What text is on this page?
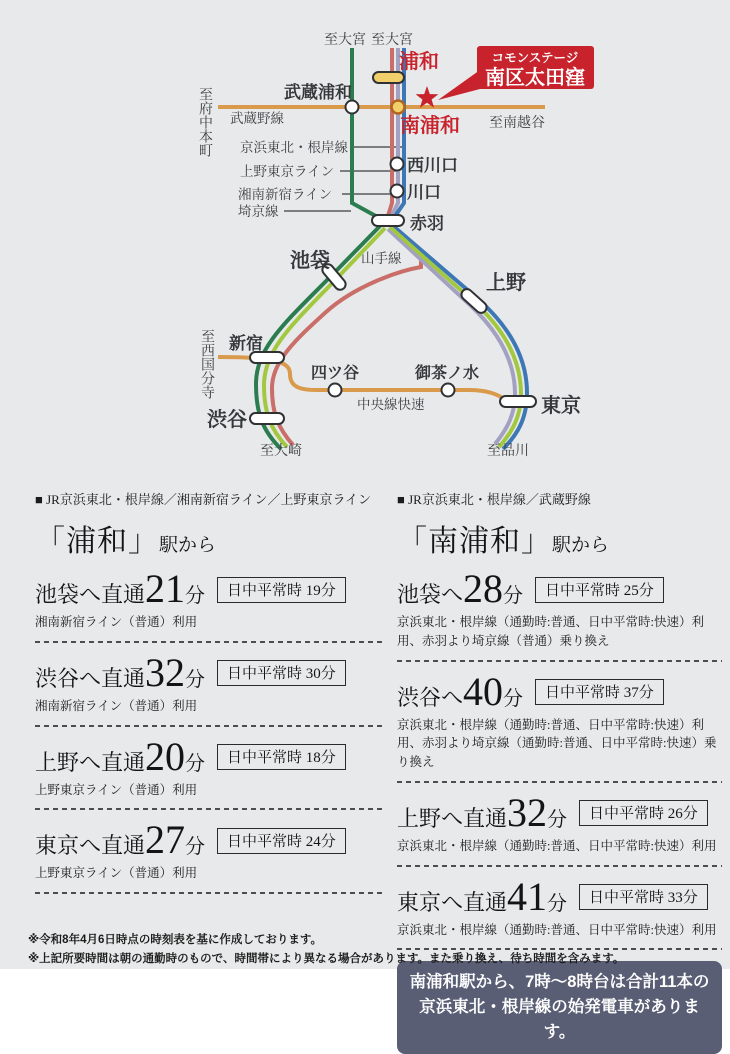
至大宮 至大宮
至府中本町 武蔵野線	至南越谷
至西国分寺
至大崎	至品川
山手線
中央線快速
京浜東北・根岸線
上野東京ライン
湘南新宿ライン
埼京線
浦和
武蔵浦和
南浦和
西川口
川口
赤羽
池袋
上野
新宿
渋谷
東京
四ツ谷	御茶ノ水
コモンステージ
南区太田窪
■ JR京浜東北・根岸線／湘南新宿ライン／上野東京ライン
「浦和」駅から
池袋へ直通 21 分	日中平常時 19分
湘南新宿ライン（普通）利用
渋谷へ直通 32 分	日中平常時 30分
湘南新宿ライン（普通）利用
上野へ直通 20 分	日中平常時 18分
上野東京ライン（普通）利用
東京へ直通 27 分	日中平常時 24分
上野東京ライン（普通）利用
■ JR京浜東北・根岸線／武蔵野線
「南浦和」駅から
池袋へ 28 分	日中平常時 25分
京浜東北・根岸線（通勤時:普通、日中平常時:快速）利用、赤羽より埼京線（普通）乗り換え
渋谷へ 40 分	日中平常時 37分
京浜東北・根岸線（通勤時:普通、日中平常時:快速）利用、赤羽より埼京線（通勤時:普通、日中平常時:快速）乗り換え
上野へ直通 32 分	日中平常時 26分
京浜東北・根岸線（通勤時:普通、日中平常時:快速）利用
東京へ直通 41 分	日中平常時 33分
京浜東北・根岸線（通勤時:普通、日中平常時:快速）利用
南浦和駅から、7時～8時台は合計11本の京浜東北・根岸線の始発電車があります。
※令和8年4月6日時点の時刻表を基に作成しております。
※上記所要時間は朝の通勤時のもので、時間帯により異なる場合があります。また乗り換え、待ち時間を含みます。
